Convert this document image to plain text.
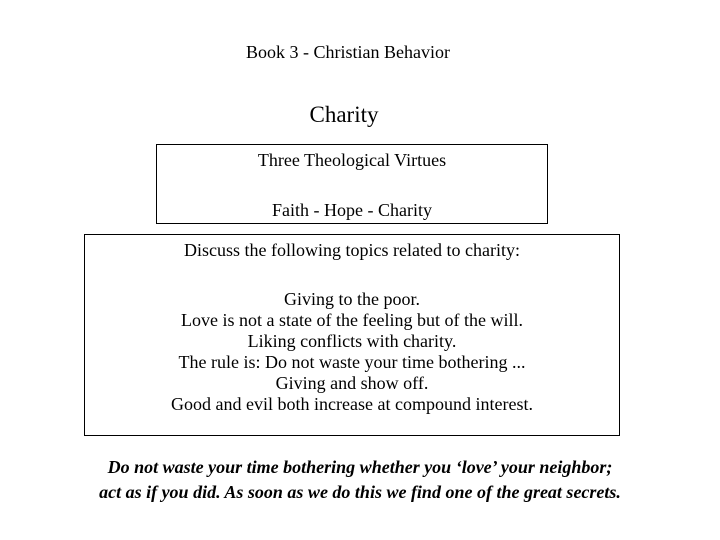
Book 3 - Christian Behavior
Charity
Three Theological Virtues
Faith - Hope - Charity
Discuss the following topics related to charity:
Giving to the poor.
Love is not a state of the feeling but of the will.
Liking conflicts with charity.
The rule is: Do not waste your time bothering ...
Giving and show off.
Good and evil both increase at compound interest.
Do not waste your time bothering whether you ‘love’ your neighbor;
act as if you did. As soon as we do this we find one of the great secrets.
